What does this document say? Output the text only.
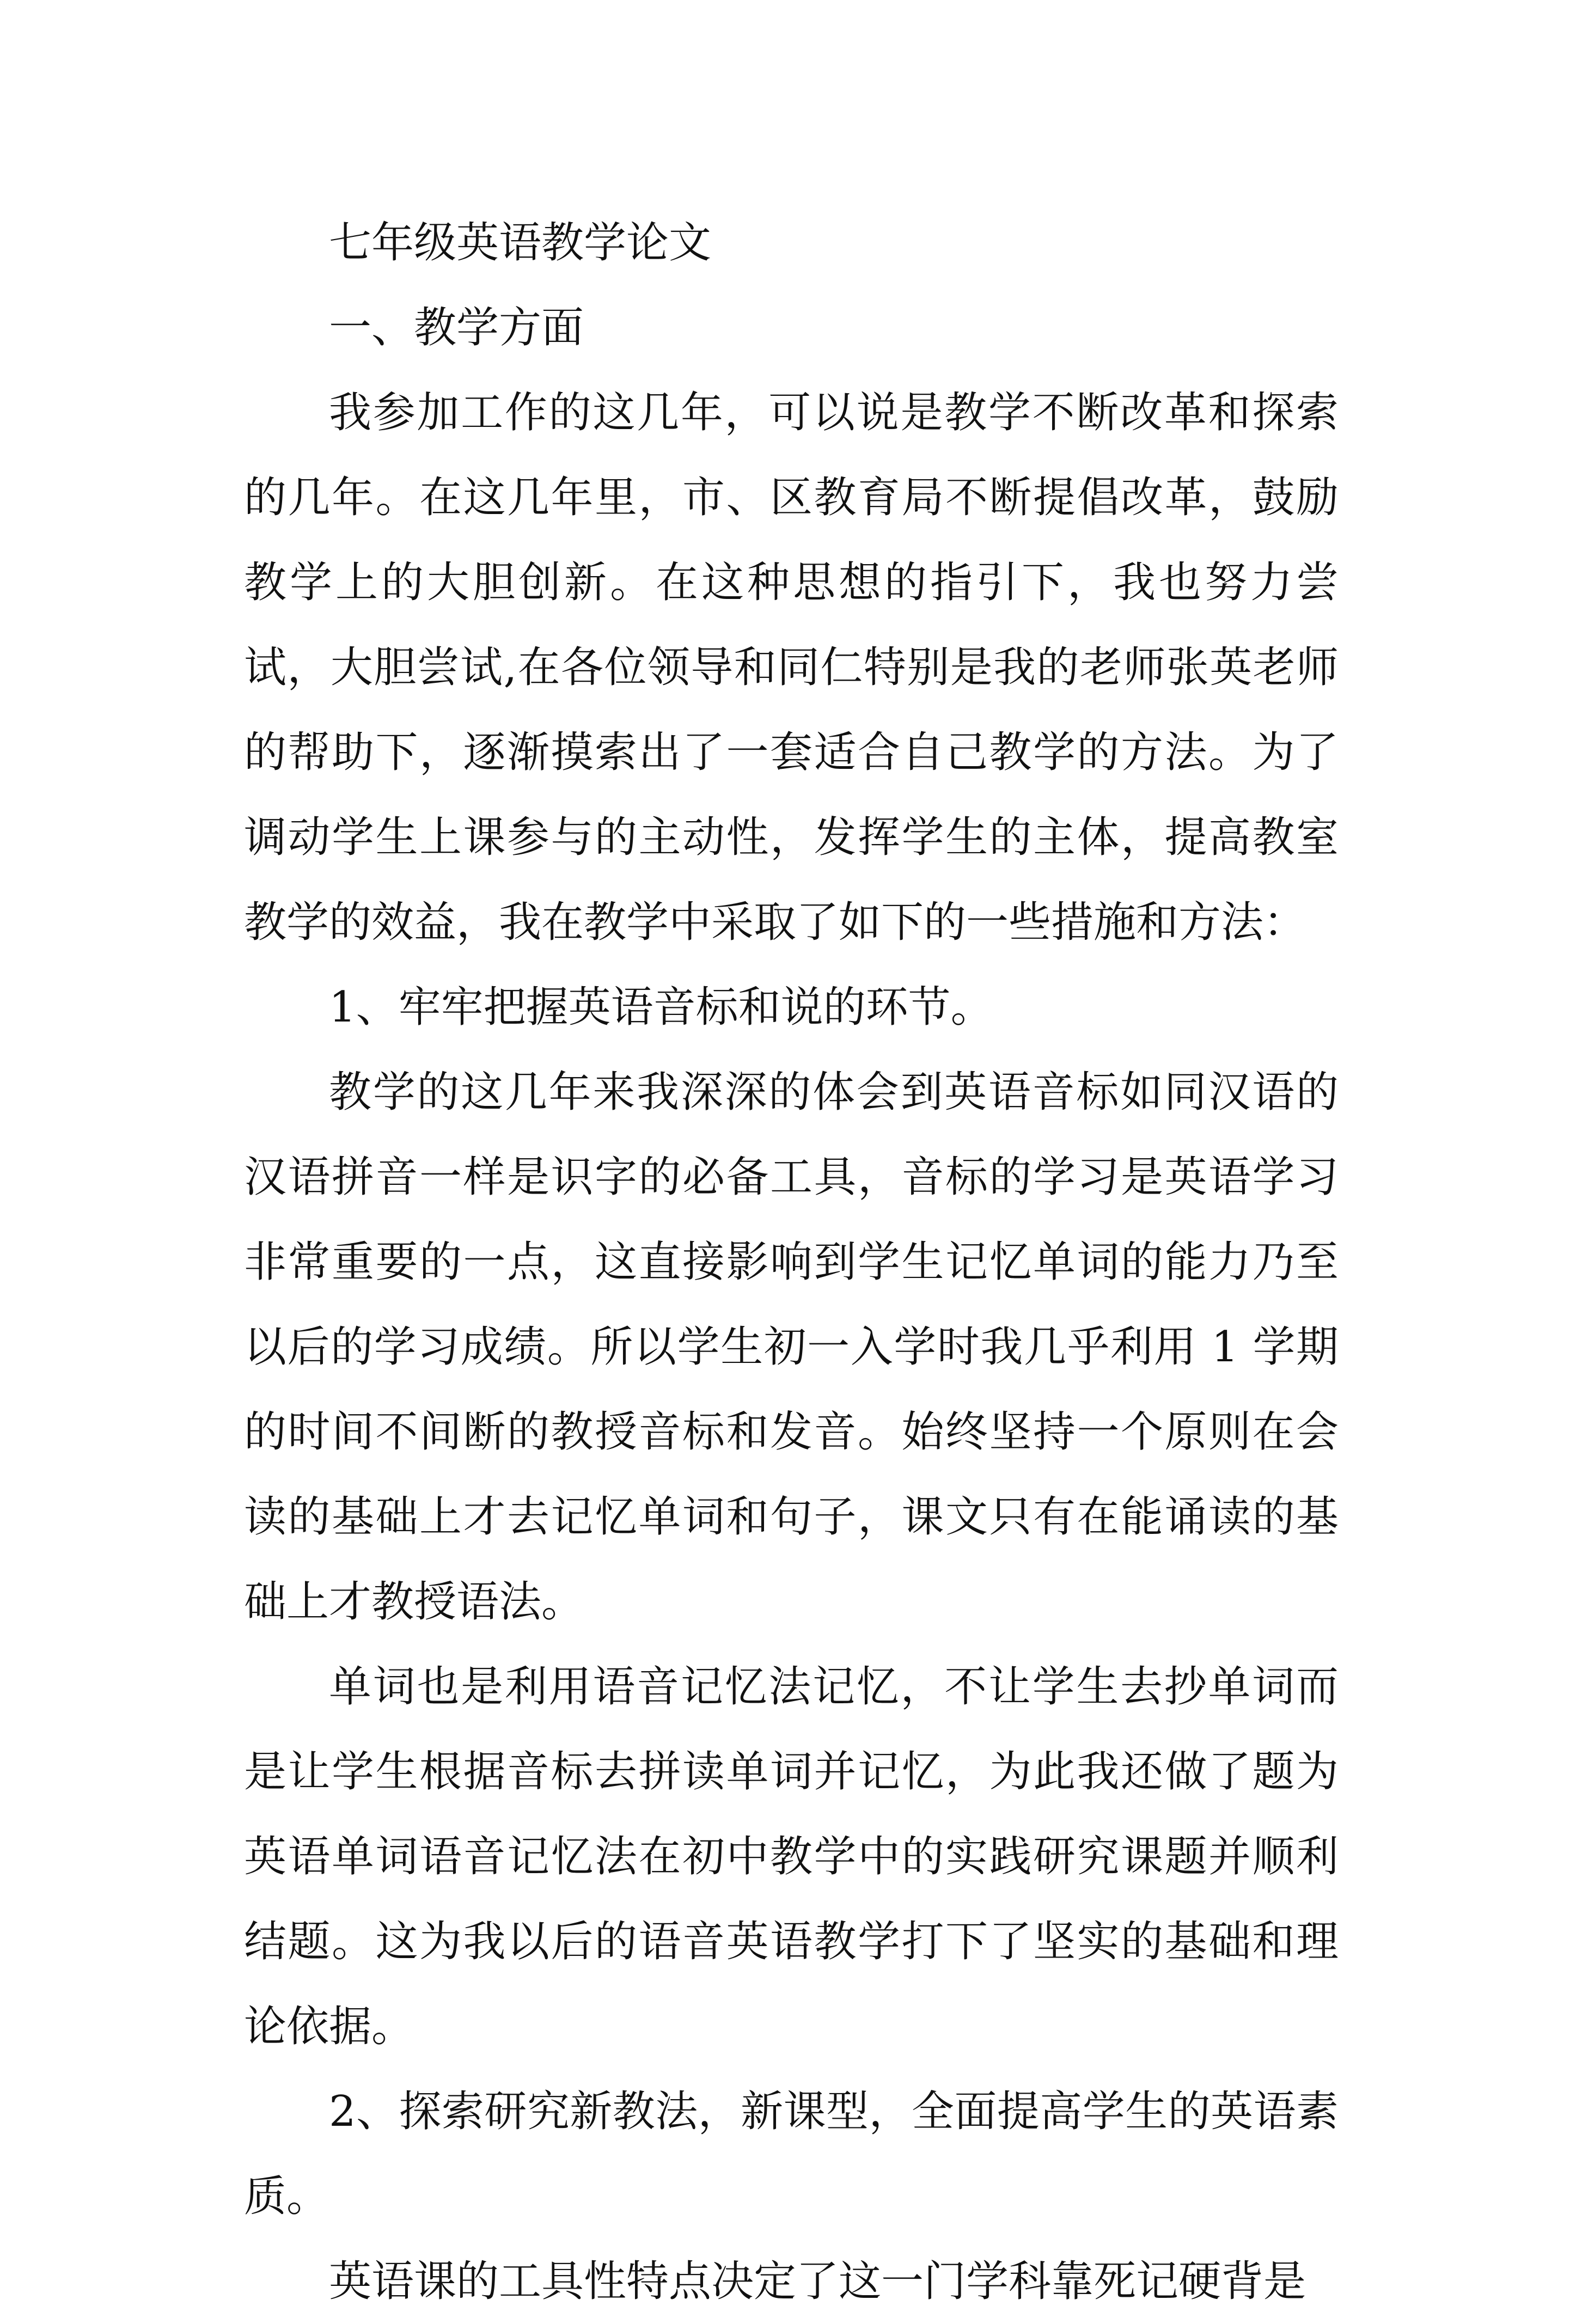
七年级英语教学论文

一、教学方面

我参加工作的这几年，可以说是教学不断改革和探索的几年。在这几年里，市、区教育局不断提倡改革，鼓励教学上的大胆创新。在这种思想的指引下，我也努力尝试，大胆尝试,在各位领导和同仁特别是我的老师张英老师的帮助下，逐渐摸索出了一套适合自己教学的方法。为了调动学生上课参与的主动性，发挥学生的主体，提高教室教学的效益，我在教学中采取了如下的一些措施和方法：

1、牢牢把握英语音标和说的环节。

教学的这几年来我深深的体会到英语音标如同汉语的汉语拼音一样是识字的必备工具，音标的学习是英语学习非常重要的一点，这直接影响到学生记忆单词的能力乃至以后的学习成绩。所以学生初一入学时我几乎利用 1 学期的时间不间断的教授音标和发音。始终坚持一个原则在会读的基础上才去记忆单词和句子，课文只有在能诵读的基础上才教授语法。

单词也是利用语音记忆法记忆，不让学生去抄单词而是让学生根据音标去拼读单词并记忆，为此我还做了题为英语单词语音记忆法在初中教学中的实践研究课题并顺利结题。这为我以后的语音英语教学打下了坚实的基础和理论依据。

2、探索研究新教法，新课型，全面提高学生的英语素质。

英语课的工具性特点决定了这一门学科靠死记硬背是
